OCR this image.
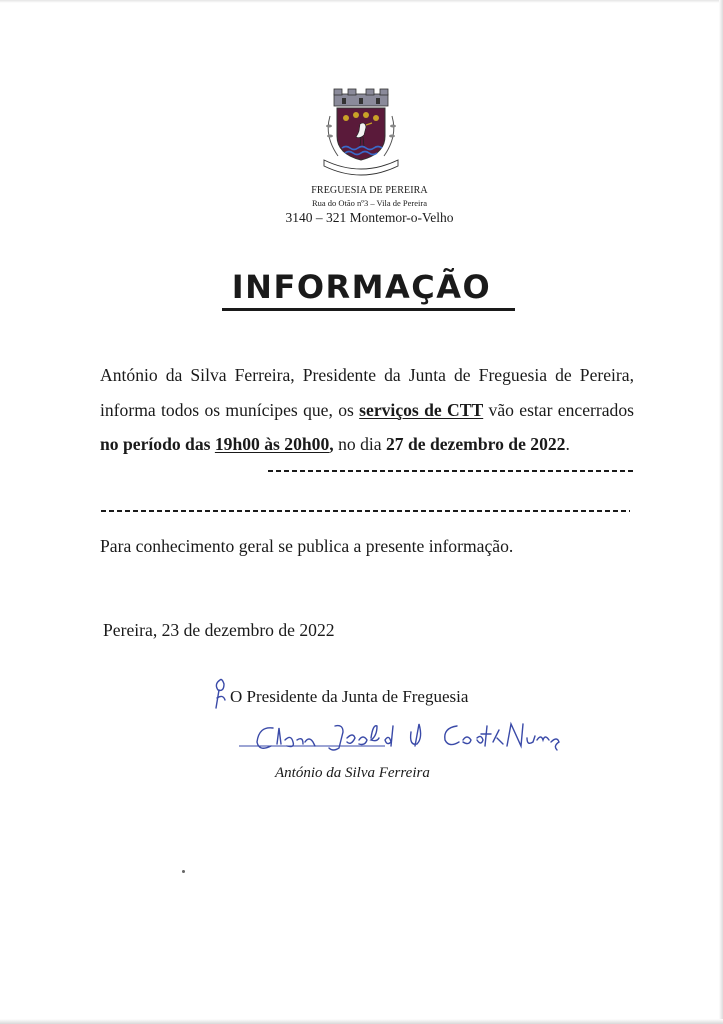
FREGUESIA DE PEREIRA
Rua do Otão nº3 – Vila de Pereira
3140 – 321 Montemor-o-Velho
INFORMAÇÃO

António da Silva Ferreira, Presidente da Junta de Freguesia de Pereira, informa todos os munícipes que, os serviços de CTT vão estar encerrados no período das 19h00 às 20h00, no dia 27 de dezembro de 2022.

Para conhecimento geral se publica a presente informação.

Pereira, 23 de dezembro de 2022

O Presidente da Junta de Freguesia

António da Silva Ferreira
